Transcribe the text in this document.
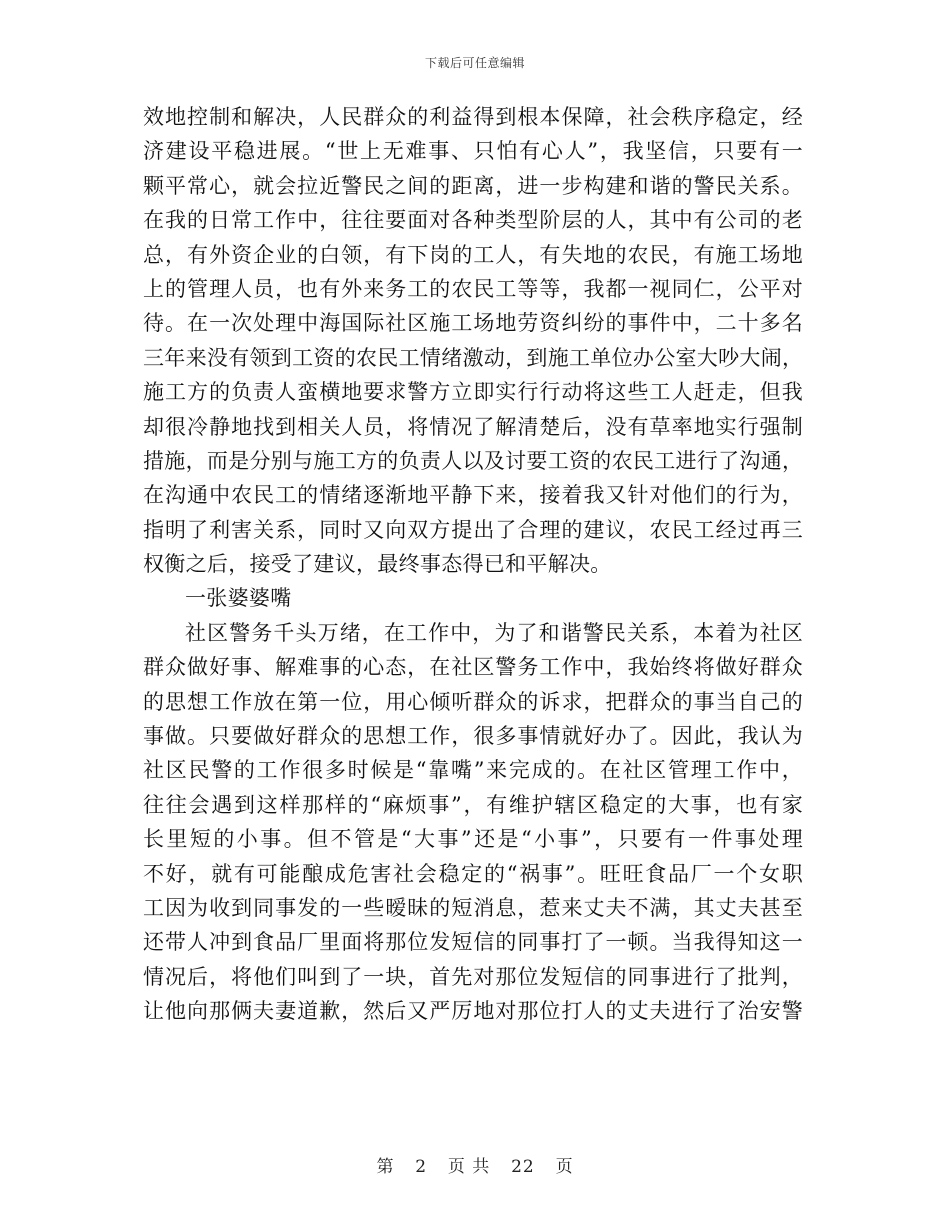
下载后可任意编辑
效地控制和解决，人民群众的利益得到根本保障，社会秩序稳定，经
济建设平稳进展。“世上无难事、只怕有心人”，我坚信，只要有一
颗平常心，就会拉近警民之间的距离，进一步构建和谐的警民关系。
在我的日常工作中，往往要面对各种类型阶层的人，其中有公司的老
总，有外资企业的白领，有下岗的工人，有失地的农民，有施工场地
上的管理人员，也有外来务工的农民工等等，我都一视同仁，公平对
待。在一次处理中海国际社区施工场地劳资纠纷的事件中，二十多名
三年来没有领到工资的农民工情绪激动，到施工单位办公室大吵大闹，
施工方的负责人蛮横地要求警方立即实行行动将这些工人赶走，但我
却很冷静地找到相关人员，将情况了解清楚后，没有草率地实行强制
措施，而是分别与施工方的负责人以及讨要工资的农民工进行了沟通，
在沟通中农民工的情绪逐渐地平静下来，接着我又针对他们的行为，
指明了利害关系，同时又向双方提出了合理的建议，农民工经过再三
权衡之后，接受了建议，最终事态得已和平解决。
一张婆婆嘴
社区警务千头万绪，在工作中，为了和谐警民关系，本着为社区
群众做好事、解难事的心态，在社区警务工作中，我始终将做好群众
的思想工作放在第一位，用心倾听群众的诉求，把群众的事当自己的
事做。只要做好群众的思想工作，很多事情就好办了。因此，我认为
社区民警的工作很多时候是“靠嘴”来完成的。在社区管理工作中，
往往会遇到这样那样的“麻烦事”，有维护辖区稳定的大事，也有家
长里短的小事。但不管是“大事”还是“小事”，只要有一件事处理
不好，就有可能酿成危害社会稳定的“祸事”。旺旺食品厂一个女职
工因为收到同事发的一些暧昧的短消息，惹来丈夫不满，其丈夫甚至
还带人冲到食品厂里面将那位发短信的同事打了一顿。当我得知这一
情况后，将他们叫到了一块，首先对那位发短信的同事进行了批判，
让他向那俩夫妻道歉，然后又严厉地对那位打人的丈夫进行了治安警
第 2 页 共 22 页
